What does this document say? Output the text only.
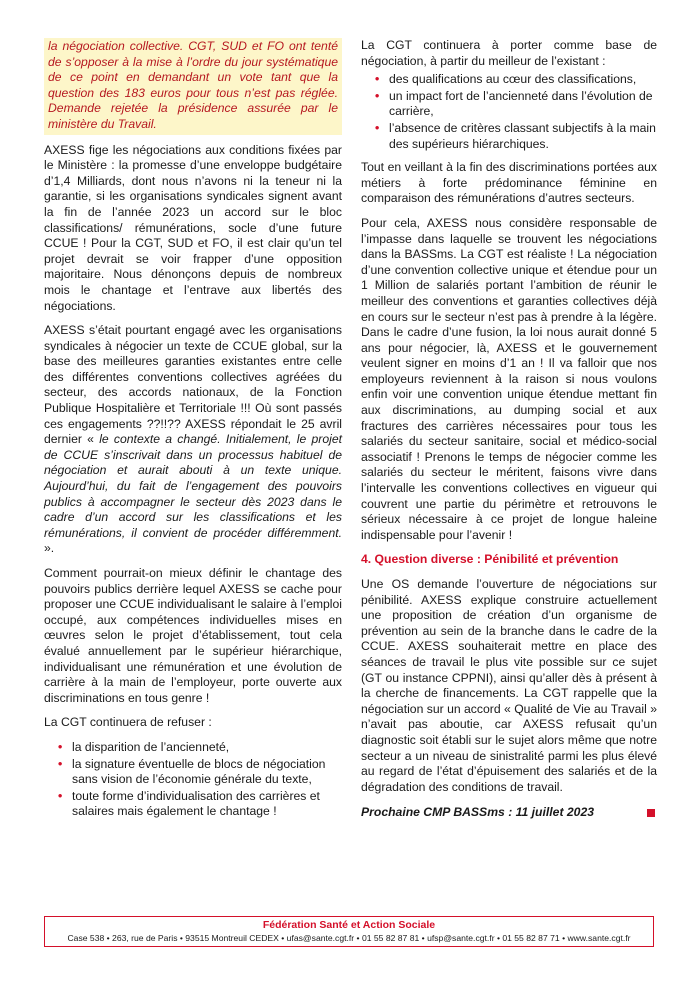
la négociation collective. CGT, SUD et FO ont tenté de s’opposer à la mise à l’ordre du jour systématique de ce point en demandant un vote tant que la question des 183 euros pour tous n’est pas réglée. Demande rejetée la présidence assurée par le ministère du Travail.

AXESS fige les négociations aux conditions fixées par le Ministère : la promesse d’une enveloppe budgétaire d’1,4 Milliards, dont nous n’avons ni la teneur ni la garantie, si les organisations syndicales signent avant la fin de l’année 2023 un accord sur le bloc classifications/ rémunérations, socle d’une future CCUE ! Pour la CGT, SUD et FO, il est clair qu’un tel projet devrait se voir frapper d’une opposition majoritaire. Nous dénonçons depuis de nombreux mois le chantage et l’entrave aux libertés des négociations.

AXESS s’était pourtant engagé avec les organisations syndicales à négocier un texte de CCUE global, sur la base des meilleures garanties existantes entre celle des différentes conventions collectives agréées du secteur, des accords nationaux, de la Fonction Publique Hospitalière et Territoriale !!! Où sont passés ces engagements ??!!?? AXESS répondait le 25 avril dernier « le contexte a changé. Initialement, le projet de CCUE s’inscrivait dans un processus habituel de négociation et aurait abouti à un texte unique. Aujourd’hui, du fait de l’engagement des pouvoirs publics à accompagner le secteur dès 2023 dans le cadre d’un accord sur les classifications et les rémunérations, il convient de procéder différemment. ».

Comment pourrait-on mieux définir le chantage des pouvoirs publics derrière lequel AXESS se cache pour proposer une CCUE individualisant le salaire à l’emploi occupé, aux compétences individuelles mises en œuvres selon le projet d’établissement, tout cela évalué annuellement par le supérieur hiérarchique, individualisant une rémunération et une évolution de carrière à la main de l’employeur, porte ouverte aux discriminations en tous genre !

La CGT continuera de refuser :

• la disparition de l’ancienneté,
• la signature éventuelle de blocs de négociation sans vision de l’économie générale du texte,
• toute forme d’individualisation des carrières et salaires mais également le chantage !

La CGT continuera à porter comme base de négociation, à partir du meilleur de l’existant :

• des qualifications au cœur des classifications,
• un impact fort de l’ancienneté dans l’évolution de carrière,
• l’absence de critères classant subjectifs à la main des supérieurs hiérarchiques.

Tout en veillant à la fin des discriminations portées aux métiers à forte prédominance féminine en comparaison des rémunérations d’autres secteurs.

Pour cela, AXESS nous considère responsable de l’impasse dans laquelle se trouvent les négociations dans la BASSms. La CGT est réaliste ! La négociation d’une convention collective unique et étendue pour un 1 Million de salariés portant l’ambition de réunir le meilleur des conventions et garanties collectives déjà en cours sur le secteur n’est pas à prendre à la légère. Dans le cadre d’une fusion, la loi nous aurait donné 5 ans pour négocier, là, AXESS et le gouvernement veulent signer en moins d’1 an ! Il va falloir que nos employeurs reviennent à la raison si nous voulons enfin voir une convention unique étendue mettant fin aux discriminations, au dumping social et aux fractures des carrières nécessaires pour tous les salariés du secteur sanitaire, social et médico-social associatif ! Prenons le temps de négocier comme les salariés du secteur le méritent, faisons vivre dans l’intervalle les conventions collectives en vigueur qui couvrent une partie du périmètre et retrouvons le sérieux nécessaire à ce projet de longue haleine indispensable pour l’avenir !

4. Question diverse : Pénibilité et prévention

Une OS demande l’ouverture de négociations sur pénibilité. AXESS explique construire actuellement une proposition de création d’un organisme de prévention au sein de la branche dans le cadre de la CCUE. AXESS souhaiterait mettre en place des séances de travail le plus vite possible sur ce sujet (GT ou instance CPPNI), ainsi qu’aller dès à présent à la cherche de financements. La CGT rappelle que la négociation sur un accord « Qualité de Vie au Travail » n’avait pas aboutie, car AXESS refusait qu’un diagnostic soit établi sur le sujet alors même que notre secteur a un niveau de sinistralité parmi les plus élevé au regard de l’état d’épuisement des salariés et de la dégradation des conditions de travail.

Prochaine CMP BASSms : 11 juillet 2023
Fédération Santé et Action Sociale
Case 538 • 263, rue de Paris • 93515 Montreuil CEDEX • ufas@sante.cgt.fr • 01 55 82 87 81 • ufsp@sante.cgt.fr • 01 55 82 87 71 • www.sante.cgt.fr
